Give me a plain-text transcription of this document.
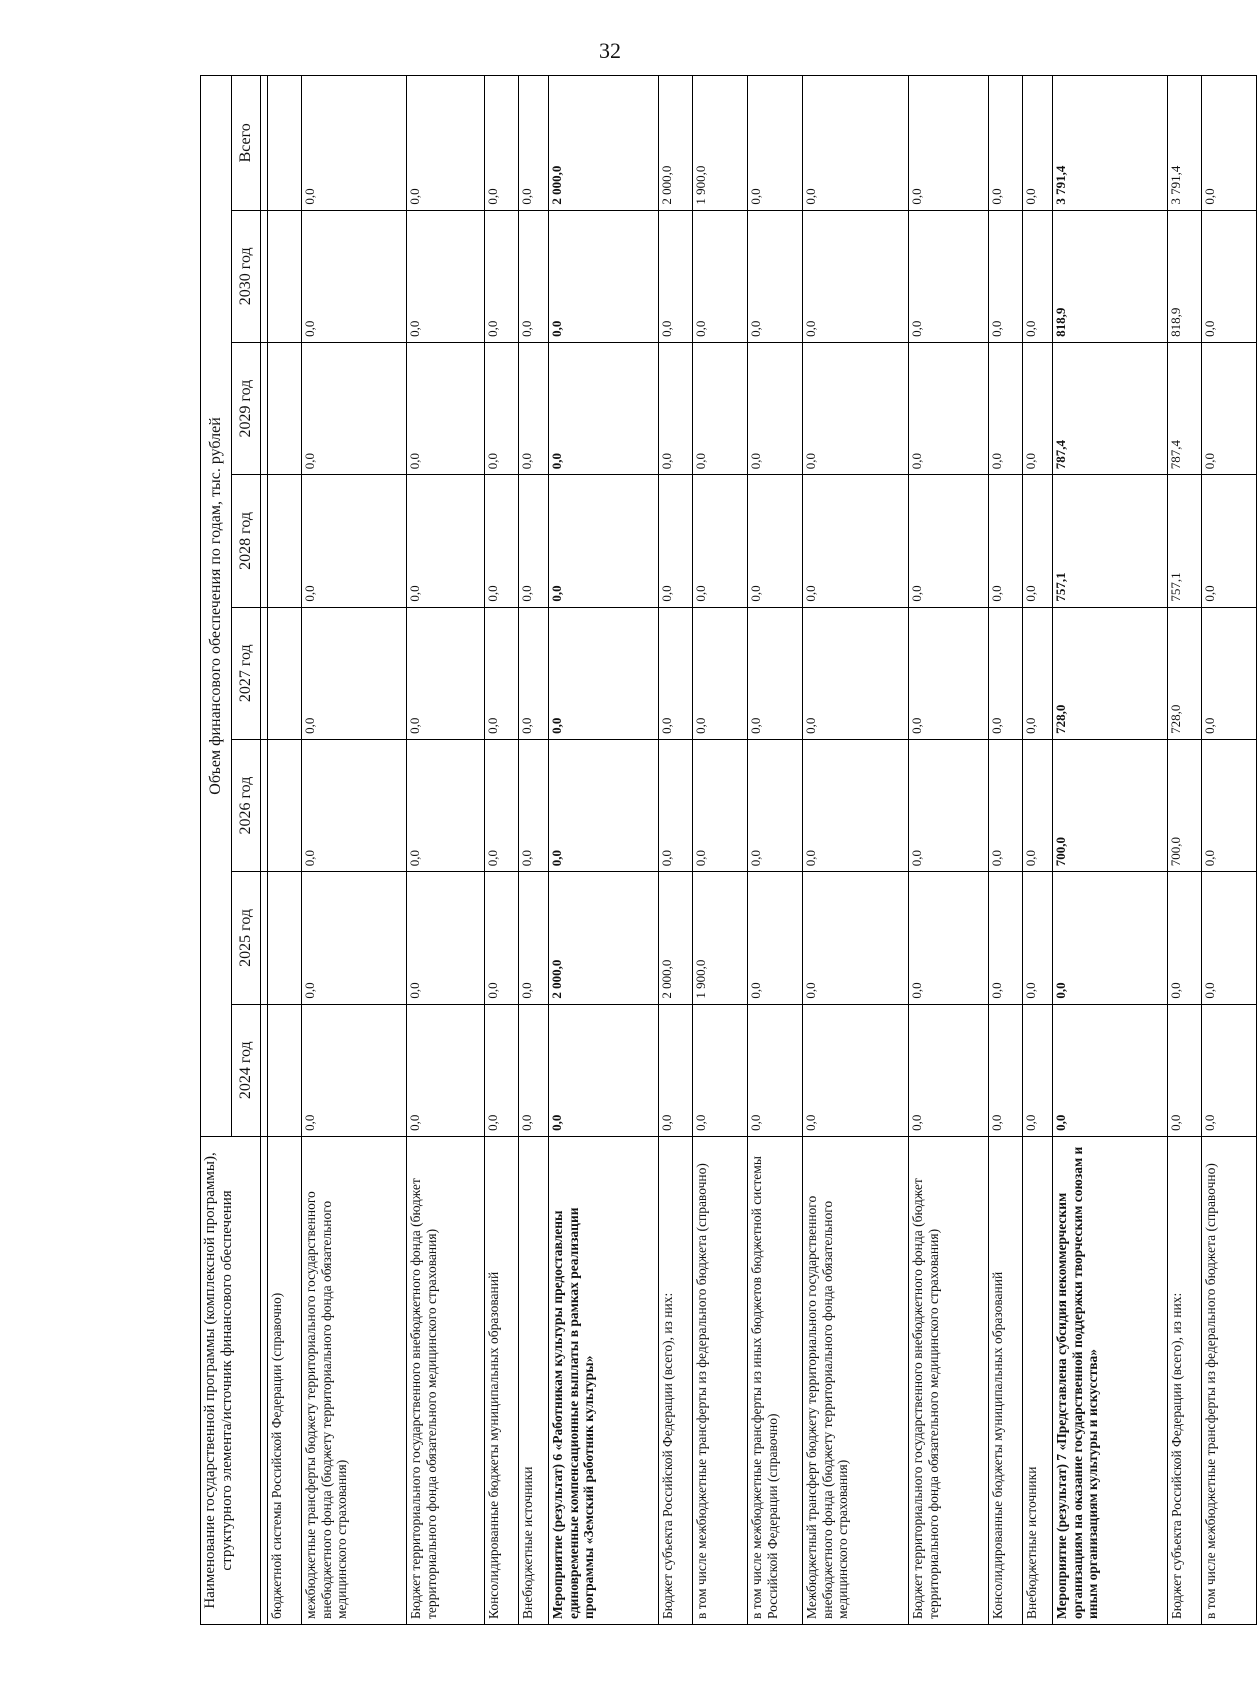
32
Наименование государственной программы (комплексной программы), структурного элемента/источник финансового обеспечения	Объем финансового обеспечения по годам, тыс. рублей							
	2024 год	2025 год	2026 год	2027 год	2028 год	2029 год	2030 год	Всего

бюджетной системы Российской Федерации (справочно)								
межбюджетные трансферты бюджету территориального государственного внебюджетного фонда (бюджету территориального фонда обязательного медицинского страхования)	0,0	0,0	0,0	0,0	0,0	0,0	0,0	0,0
Бюджет территориального государственного внебюджетного фонда (бюджет территориального фонда обязательного медицинского страхования)	0,0	0,0	0,0	0,0	0,0	0,0	0,0	0,0
Консолидированные бюджеты муниципальных образований	0,0	0,0	0,0	0,0	0,0	0,0	0,0	0,0
Внебюджетные источники	0,0	0,0	0,0	0,0	0,0	0,0	0,0	0,0
Мероприятие (результат) 6 «Работникам культуры предоставлены единовременные компенсационные выплаты в рамках реализации программы «Земский работник культуры»	0,0	2 000,0	0,0	0,0	0,0	0,0	0,0	2 000,0
Бюджет субъекта Российской Федерации (всего), из них:	0,0	2 000,0	0,0	0,0	0,0	0,0	0,0	2 000,0
в том числе межбюджетные трансферты из федерального бюджета (справочно)	0,0	1 900,0	0,0	0,0	0,0	0,0	0,0	1 900,0
в том числе межбюджетные трансферты из иных бюджетов бюджетной системы Российской Федерации (справочно)	0,0	0,0	0,0	0,0	0,0	0,0	0,0	0,0
Межбюджетный трансферт бюджету территориального государственного внебюджетного фонда (бюджету территориального фонда обязательного медицинского страхования)	0,0	0,0	0,0	0,0	0,0	0,0	0,0	0,0
Бюджет территориального государственного внебюджетного фонда (бюджет территориального фонда обязательного медицинского страхования)	0,0	0,0	0,0	0,0	0,0	0,0	0,0	0,0
Консолидированные бюджеты муниципальных образований	0,0	0,0	0,0	0,0	0,0	0,0	0,0	0,0
Внебюджетные источники	0,0	0,0	0,0	0,0	0,0	0,0	0,0	0,0
Мероприятие (результат) 7 «Представлена субсидия некоммерческим организациям на оказание государственной поддержки творческим союзам и иным организациям культуры и искусства»	0,0	0,0	700,0	728,0	757,1	787,4	818,9	3 791,4
Бюджет субъекта Российской Федерации (всего), из них:	0,0	0,0	700,0	728,0	757,1	787,4	818,9	3 791,4
в том числе межбюджетные трансферты из федерального бюджета (справочно)	0,0	0,0	0,0	0,0	0,0	0,0	0,0	0,0
